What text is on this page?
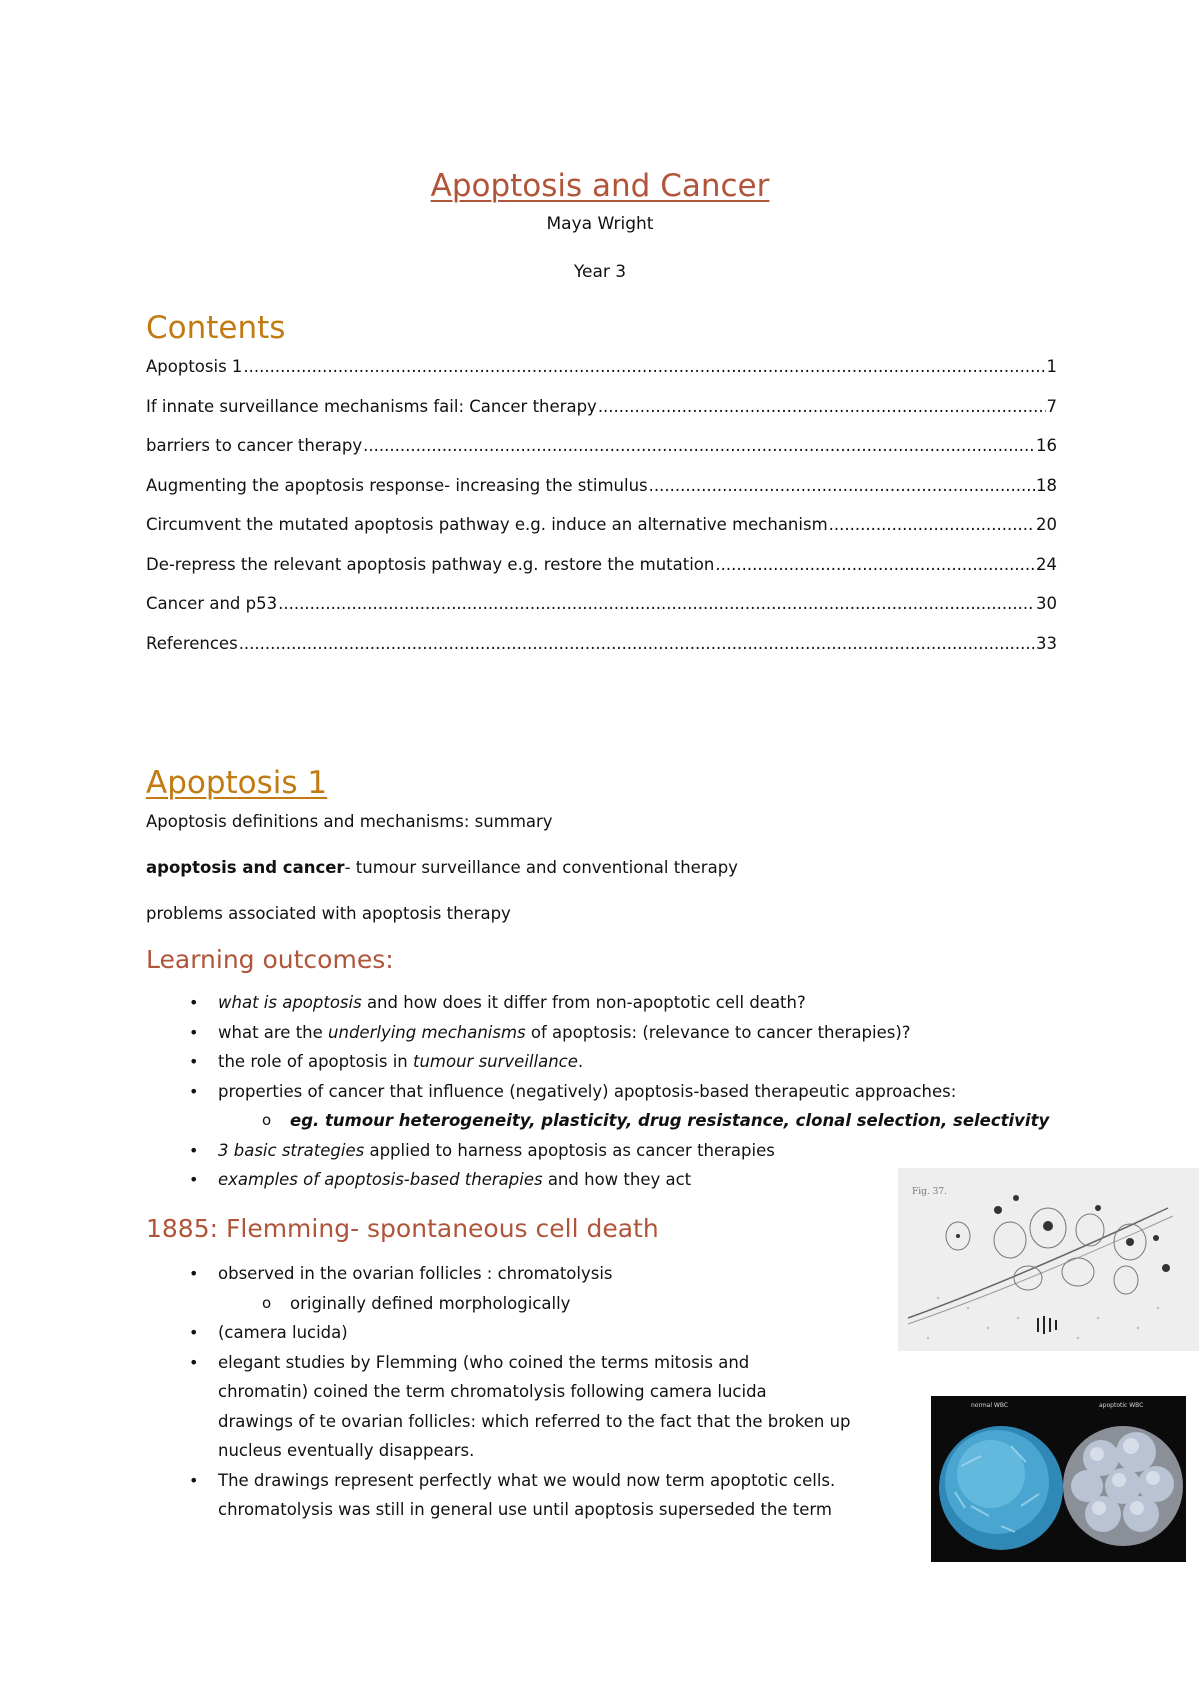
Apoptosis and Cancer
Maya Wright
Year 3
Contents
Apoptosis 1 .....	1
If innate surveillance mechanisms fail: Cancer therapy .....	7
barriers to cancer therapy .....	16
Augmenting the apoptosis response- increasing the stimulus .....	18
Circumvent the mutated apoptosis pathway e.g. induce an alternative mechanism .....	20
De-repress the relevant apoptosis pathway e.g. restore the mutation .....	24
Cancer and p53 .....	30
References .....	33
Apoptosis 1
Apoptosis definitions and mechanisms: summary
apoptosis and cancer- tumour surveillance and conventional therapy
problems associated with apoptosis therapy
Learning outcomes:
• what is apoptosis and how does it differ from non-apoptotic cell death?
• what are the underlying mechanisms of apoptosis: (relevance to cancer therapies)?
• the role of apoptosis in tumour surveillance.
• properties of cancer that influence (negatively) apoptosis-based therapeutic approaches:
o eg. tumour heterogeneity, plasticity, drug resistance, clonal selection, selectivity
• 3 basic strategies applied to harness apoptosis as cancer therapies
• examples of apoptosis-based therapies and how they act
1885: Flemming- spontaneous cell death
• observed in the ovarian follicles : chromatolysis
o originally defined morphologically
• (camera lucida)
• elegant studies by Flemming (who coined the terms mitosis and
chromatin) coined the term chromatolysis following camera lucida
drawings of te ovarian follicles: which referred to the fact that the broken up
nucleus eventually disappears.
• The drawings represent perfectly what we would now term apoptotic cells.
chromatolysis was still in general use until apoptosis superseded the term
Fig. 37.
normal WBC	apoptotic WBC
